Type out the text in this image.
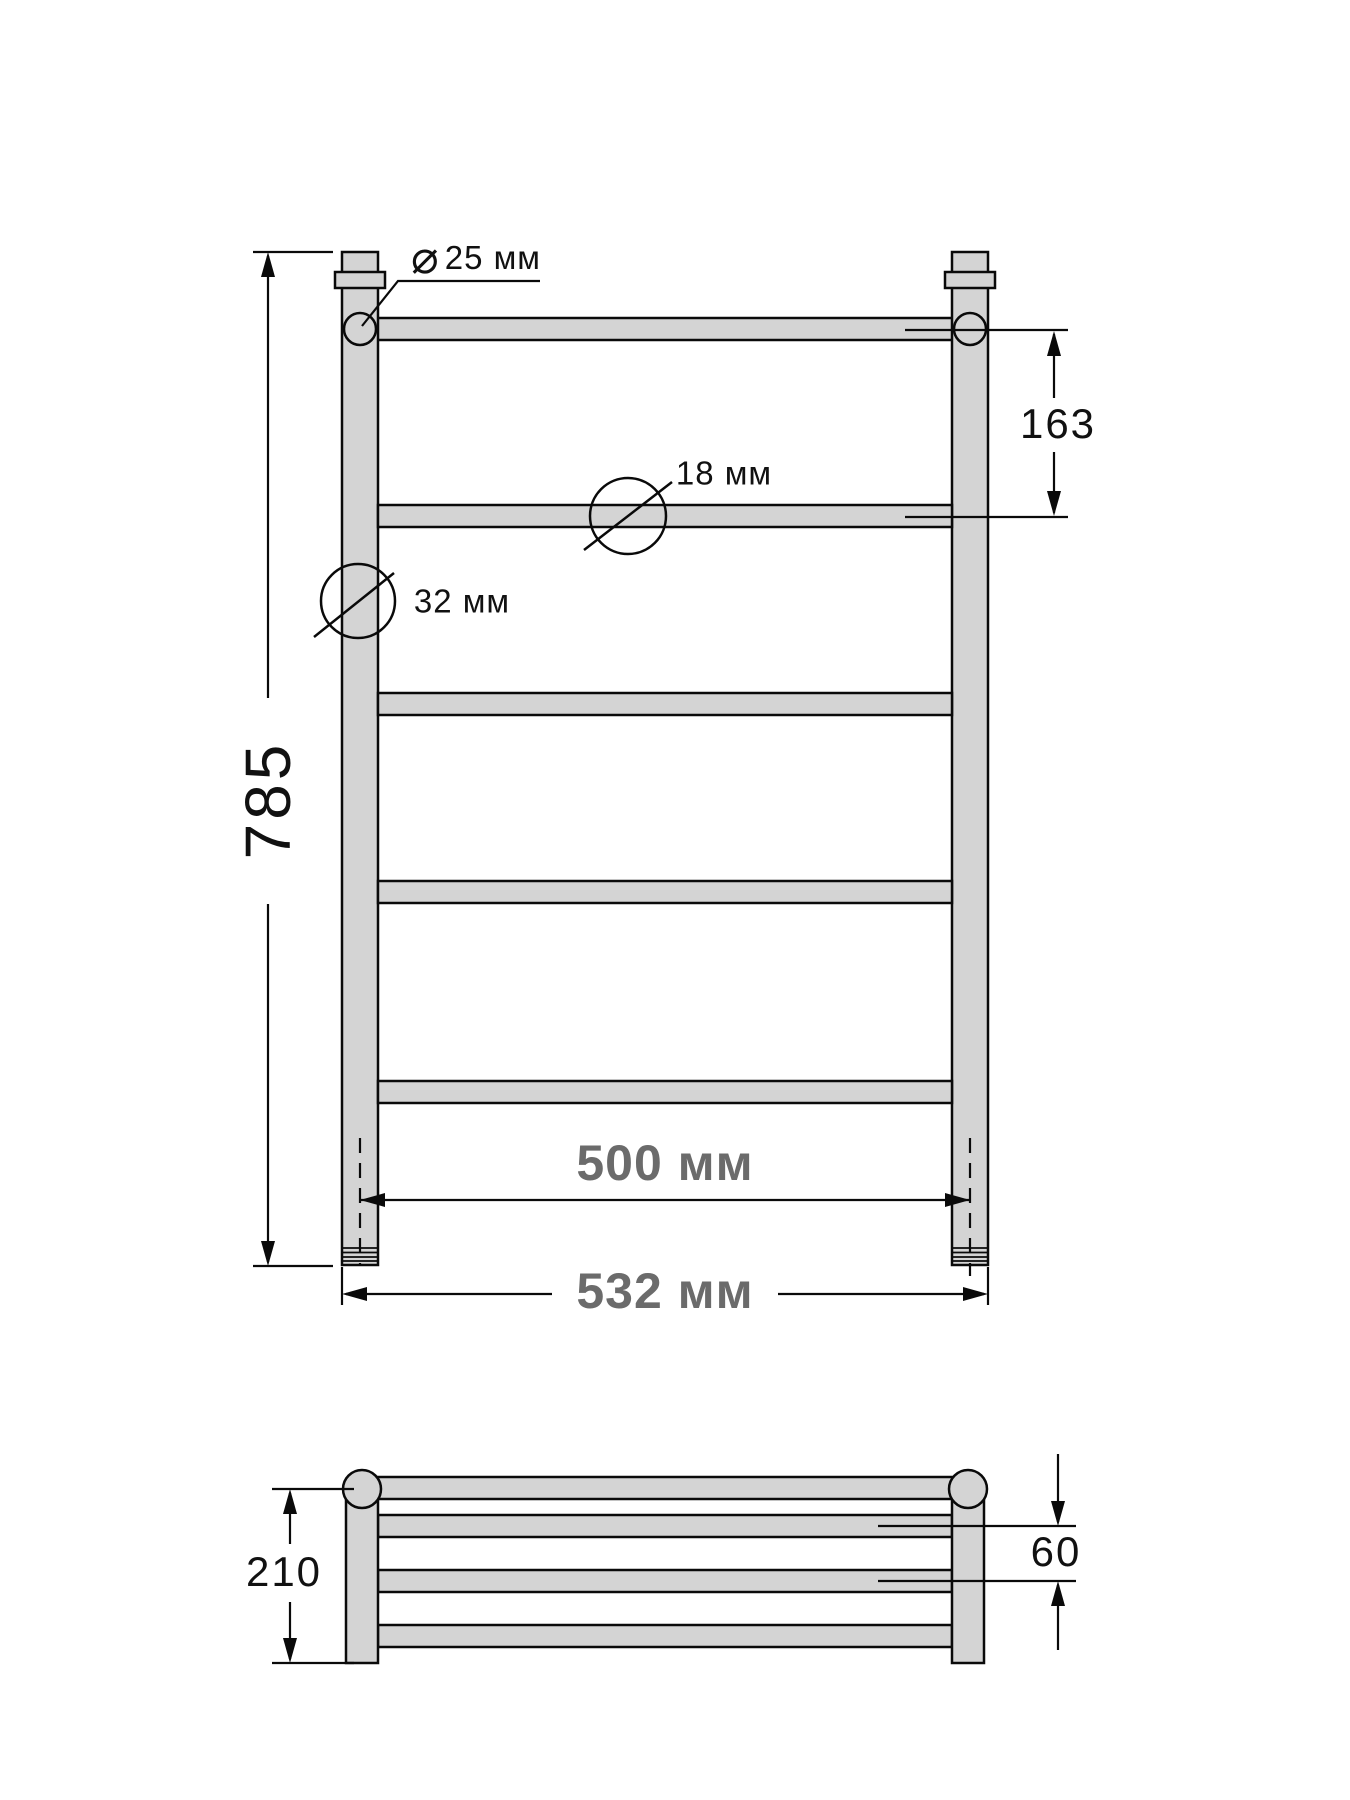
785
163
⌀ 25 мм
18 мм
32 мм
500 мм
532 мм
210	60
